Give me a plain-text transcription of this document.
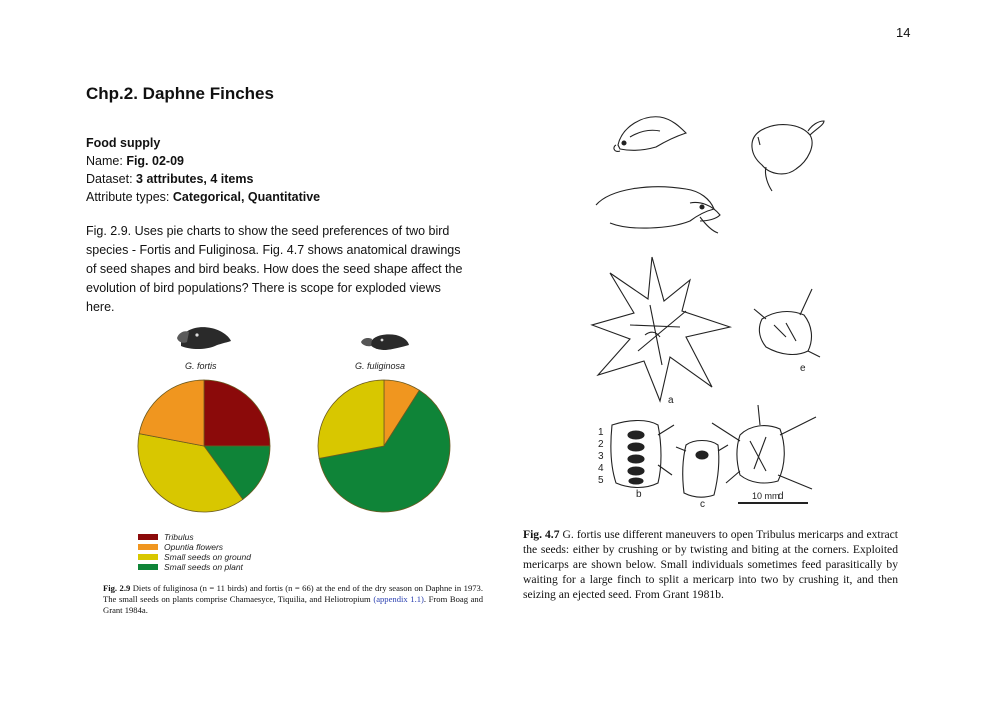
14
Chp.2. Daphne Finches
Food supply
Name: Fig. 02-09
Dataset: 3 attributes, 4 items
Attribute types: Categorical, Quantitative

Fig. 2.9. Uses pie charts to show the seed preferences of two bird species - Fortis and Fuliginosa. Fig. 4.7 shows anatomical drawings of seed shapes and bird beaks. How does the seed shape affect the evolution of bird populations? There is scope for exploded views here.

G. fortis	G. fuliginosa
Tribulus
Opuntia flowers
Small seeds on ground
Small seeds on plant

Fig. 2.9 Diets of fuliginosa (n = 11 birds) and fortis (n = 66) at the end of the dry season on Daphne in 1973. The small seeds on plants comprise Chamaesyce, Tiquilia, and Heliotropium (appendix 1.1). From Boag and Grant 1984a.

a
e
1
2
3
4
5
b
c
d
10 mm

Fig. 4.7 G. fortis use different maneuvers to open Tribulus mericarps and extract the seeds: either by crushing or by twisting and biting at the corners. Exploited mericarps are shown below. Small individuals sometimes feed parasitically by waiting for a large finch to split a mericarp into two by crushing it, and then seizing an ejected seed. From Grant 1981b.
